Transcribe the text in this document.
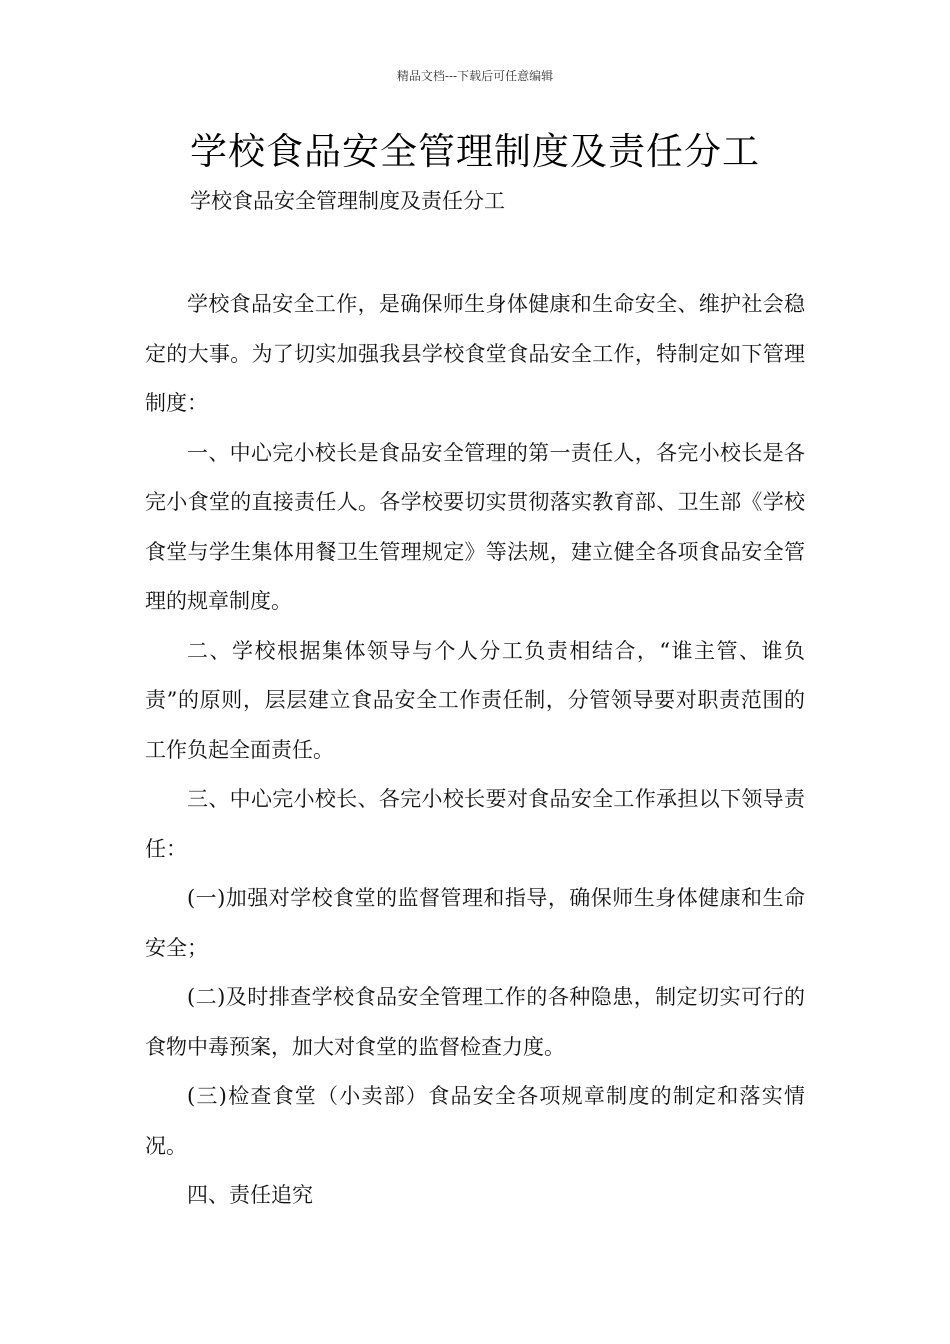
精品文档---下载后可任意编辑
学校食品安全管理制度及责任分工
学校食品安全管理制度及责任分工

学校食品安全工作，是确保师生身体健康和生命安全、维护社会稳定的大事。为了切实加强我县学校食堂食品安全工作，特制定如下管理制度：

一、中心完小校长是食品安全管理的第一责任人，各完小校长是各完小食堂的直接责任人。各学校要切实贯彻落实教育部、卫生部《学校食堂与学生集体用餐卫生管理规定》等法规，建立健全各项食品安全管理的规章制度。

二、学校根据集体领导与个人分工负责相结合，“谁主管、谁负责”的原则，层层建立食品安全工作责任制，分管领导要对职责范围的工作负起全面责任。

三、中心完小校长、各完小校长要对食品安全工作承担以下领导责任：

(一)加强对学校食堂的监督管理和指导，确保师生身体健康和生命安全；

(二)及时排查学校食品安全管理工作的各种隐患，制定切实可行的食物中毒预案，加大对食堂的监督检查力度。

(三)检查食堂（小卖部）食品安全各项规章制度的制定和落实情况。

四、责任追究
